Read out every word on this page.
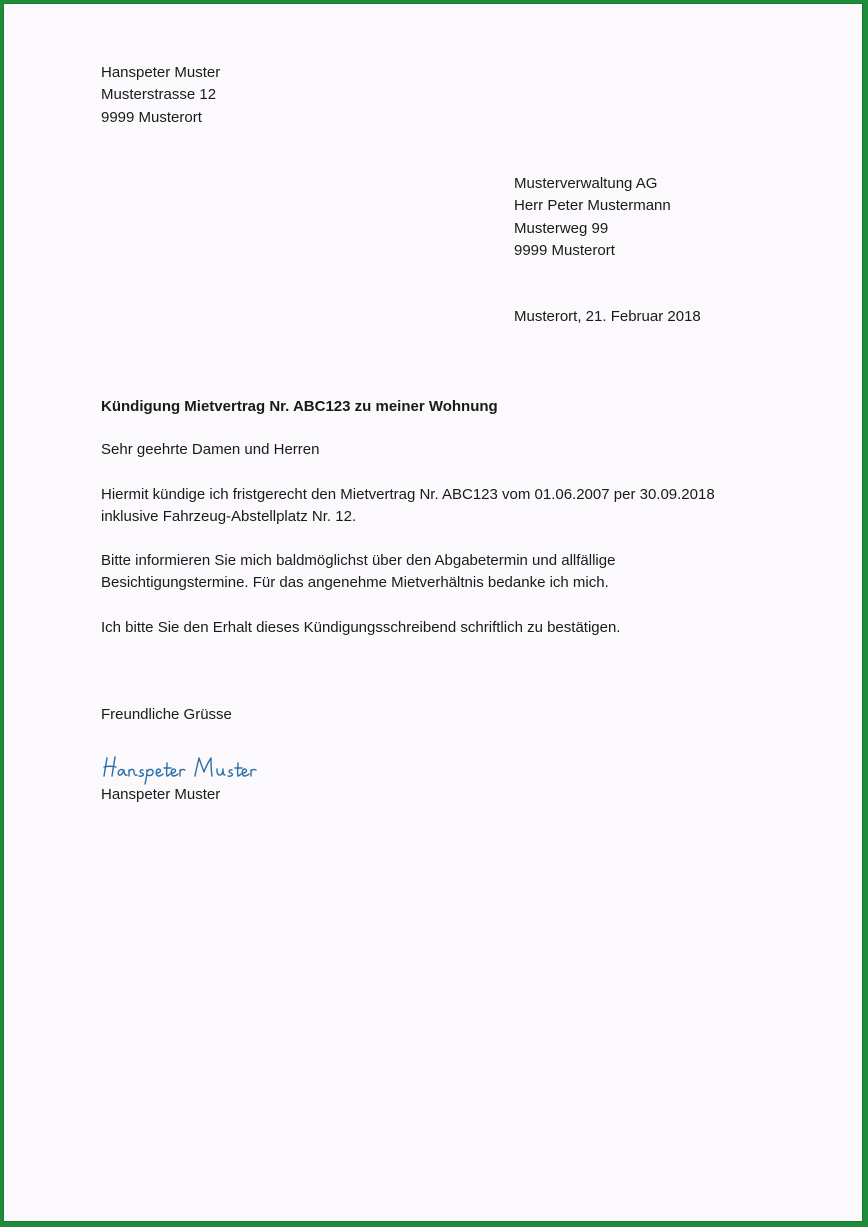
Hanspeter Muster
Musterstrasse 12
9999 Musterort
Musterverwaltung AG
Herr Peter Mustermann
Musterweg 99
9999 Musterort
Musterort, 21. Februar 2018
Kündigung Mietvertrag Nr. ABC123 zu meiner Wohnung
Sehr geehrte Damen und Herren
Hiermit kündige ich fristgerecht den Mietvertrag Nr. ABC123 vom 01.06.2007 per 30.09.2018
inklusive Fahrzeug-Abstellplatz Nr. 12.
Bitte informieren Sie mich baldmöglichst über den Abgabetermin und allfällige
Besichtigungstermine. Für das angenehme Mietverhältnis bedanke ich mich.
Ich bitte Sie den Erhalt dieses Kündigungsschreibend schriftlich zu bestätigen.
Freundliche Grüsse
Hanspeter Muster
